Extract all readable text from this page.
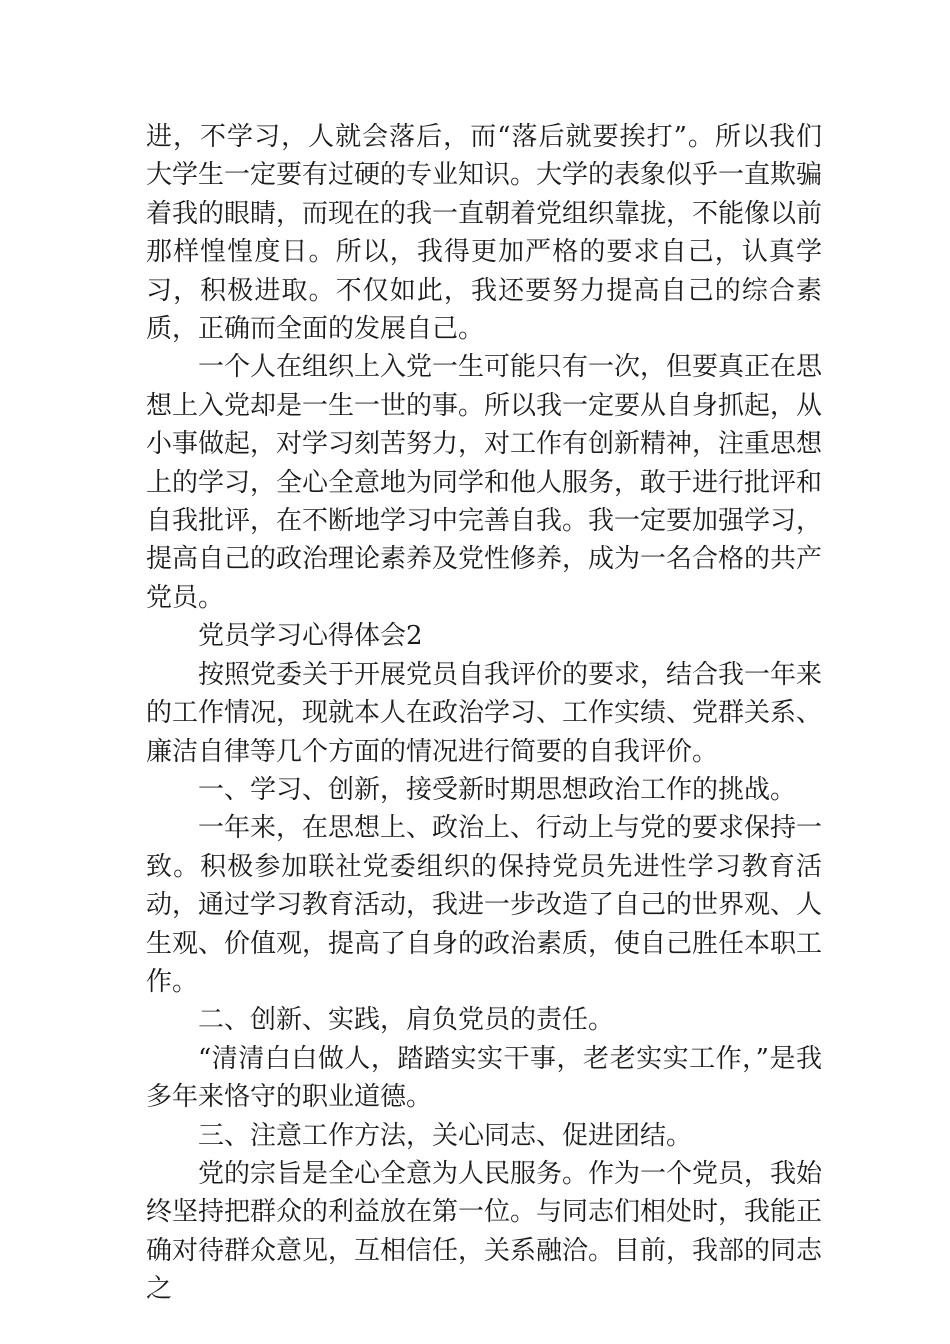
进，不学习，人就会落后，而“落后就要挨打”。所以我们大学生一定要有过硬的专业知识。大学的表象似乎一直欺骗着我的眼睛，而现在的我一直朝着党组织靠拢，不能像以前那样惶惶度日。所以，我得更加严格的要求自己，认真学习，积极进取。不仅如此，我还要努力提高自己的综合素质，正确而全面的发展自己。

一个人在组织上入党一生可能只有一次，但要真正在思想上入党却是一生一世的事。所以我一定要从自身抓起，从小事做起，对学习刻苦努力，对工作有创新精神，注重思想上的学习，全心全意地为同学和他人服务，敢于进行批评和自我批评，在不断地学习中完善自我。我一定要加强学习，提高自己的政治理论素养及党性修养，成为一名合格的共产党员。

党员学习心得体会2

按照党委关于开展党员自我评价的要求，结合我一年来的工作情况，现就本人在政治学习、工作实绩、党群关系、廉洁自律等几个方面的情况进行简要的自我评价。

一、学习、创新，接受新时期思想政治工作的挑战。

一年来，在思想上、政治上、行动上与党的要求保持一致。积极参加联社党委组织的保持党员先进性学习教育活动，通过学习教育活动，我进一步改造了自己的世界观、人生观、价值观，提高了自身的政治素质，使自己胜任本职工作。

二、创新、实践，肩负党员的责任。

“清清白白做人，踏踏实实干事，老老实实工作，”是我多年来恪守的职业道德。

三、注意工作方法，关心同志、促进团结。

党的宗旨是全心全意为人民服务。作为一个党员，我始终坚持把群众的利益放在第一位。与同志们相处时，我能正确对待群众意见，互相信任，关系融洽。目前，我部的同志之
